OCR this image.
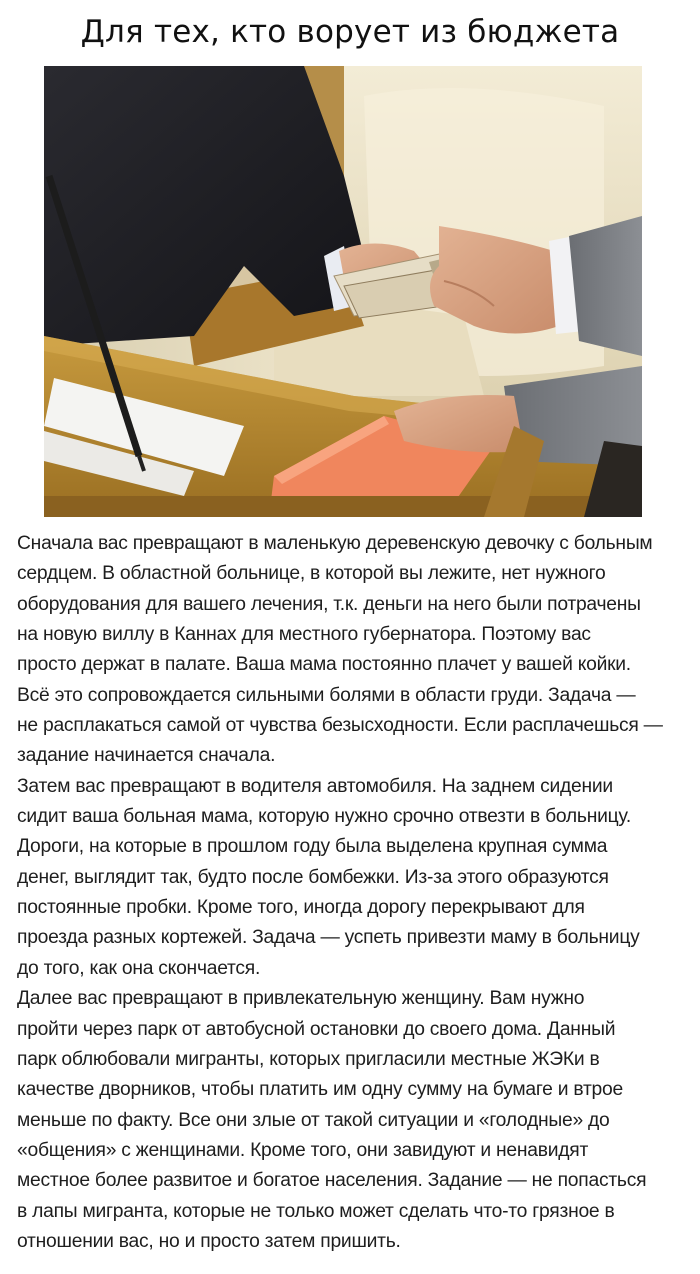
Для тех, кто ворует из бюджета
Сначала вас превращают в маленькую деревенскую девочку с больным
сердцем. В областной больнице, в которой вы лежите, нет нужного
оборудования для вашего лечения, т.к. деньги на него были потрачены
на новую виллу в Каннах для местного губернатора. Поэтому вас
просто держат в палате. Ваша мама постоянно плачет у вашей койки.
Всё это сопровождается сильными болями в области груди. Задача —
не расплакаться самой от чувства безысходности. Если расплачешься —
задание начинается сначала.
Затем вас превращают в водителя автомобиля. На заднем сидении
сидит ваша больная мама, которую нужно срочно отвезти в больницу.
Дороги, на которые в прошлом году была выделена крупная сумма
денег, выглядит так, будто после бомбежки. Из-за этого образуются
постоянные пробки. Кроме того, иногда дорогу перекрывают для
проезда разных кортежей. Задача — успеть привезти маму в больницу
до того, как она скончается.
Далее вас превращают в привлекательную женщину. Вам нужно
пройти через парк от автобусной остановки до своего дома. Данный
парк облюбовали мигранты, которых пригласили местные ЖЭКи в
качестве дворников, чтобы платить им одну сумму на бумаге и втрое
меньше по факту. Все они злые от такой ситуации и «голодные» до
«общения» с женщинами. Кроме того, они завидуют и ненавидят
местное более развитое и богатое населения. Задание — не попасться
в лапы мигранта, которые не только может сделать что-то грязное в
отношении вас, но и просто затем пришить.
